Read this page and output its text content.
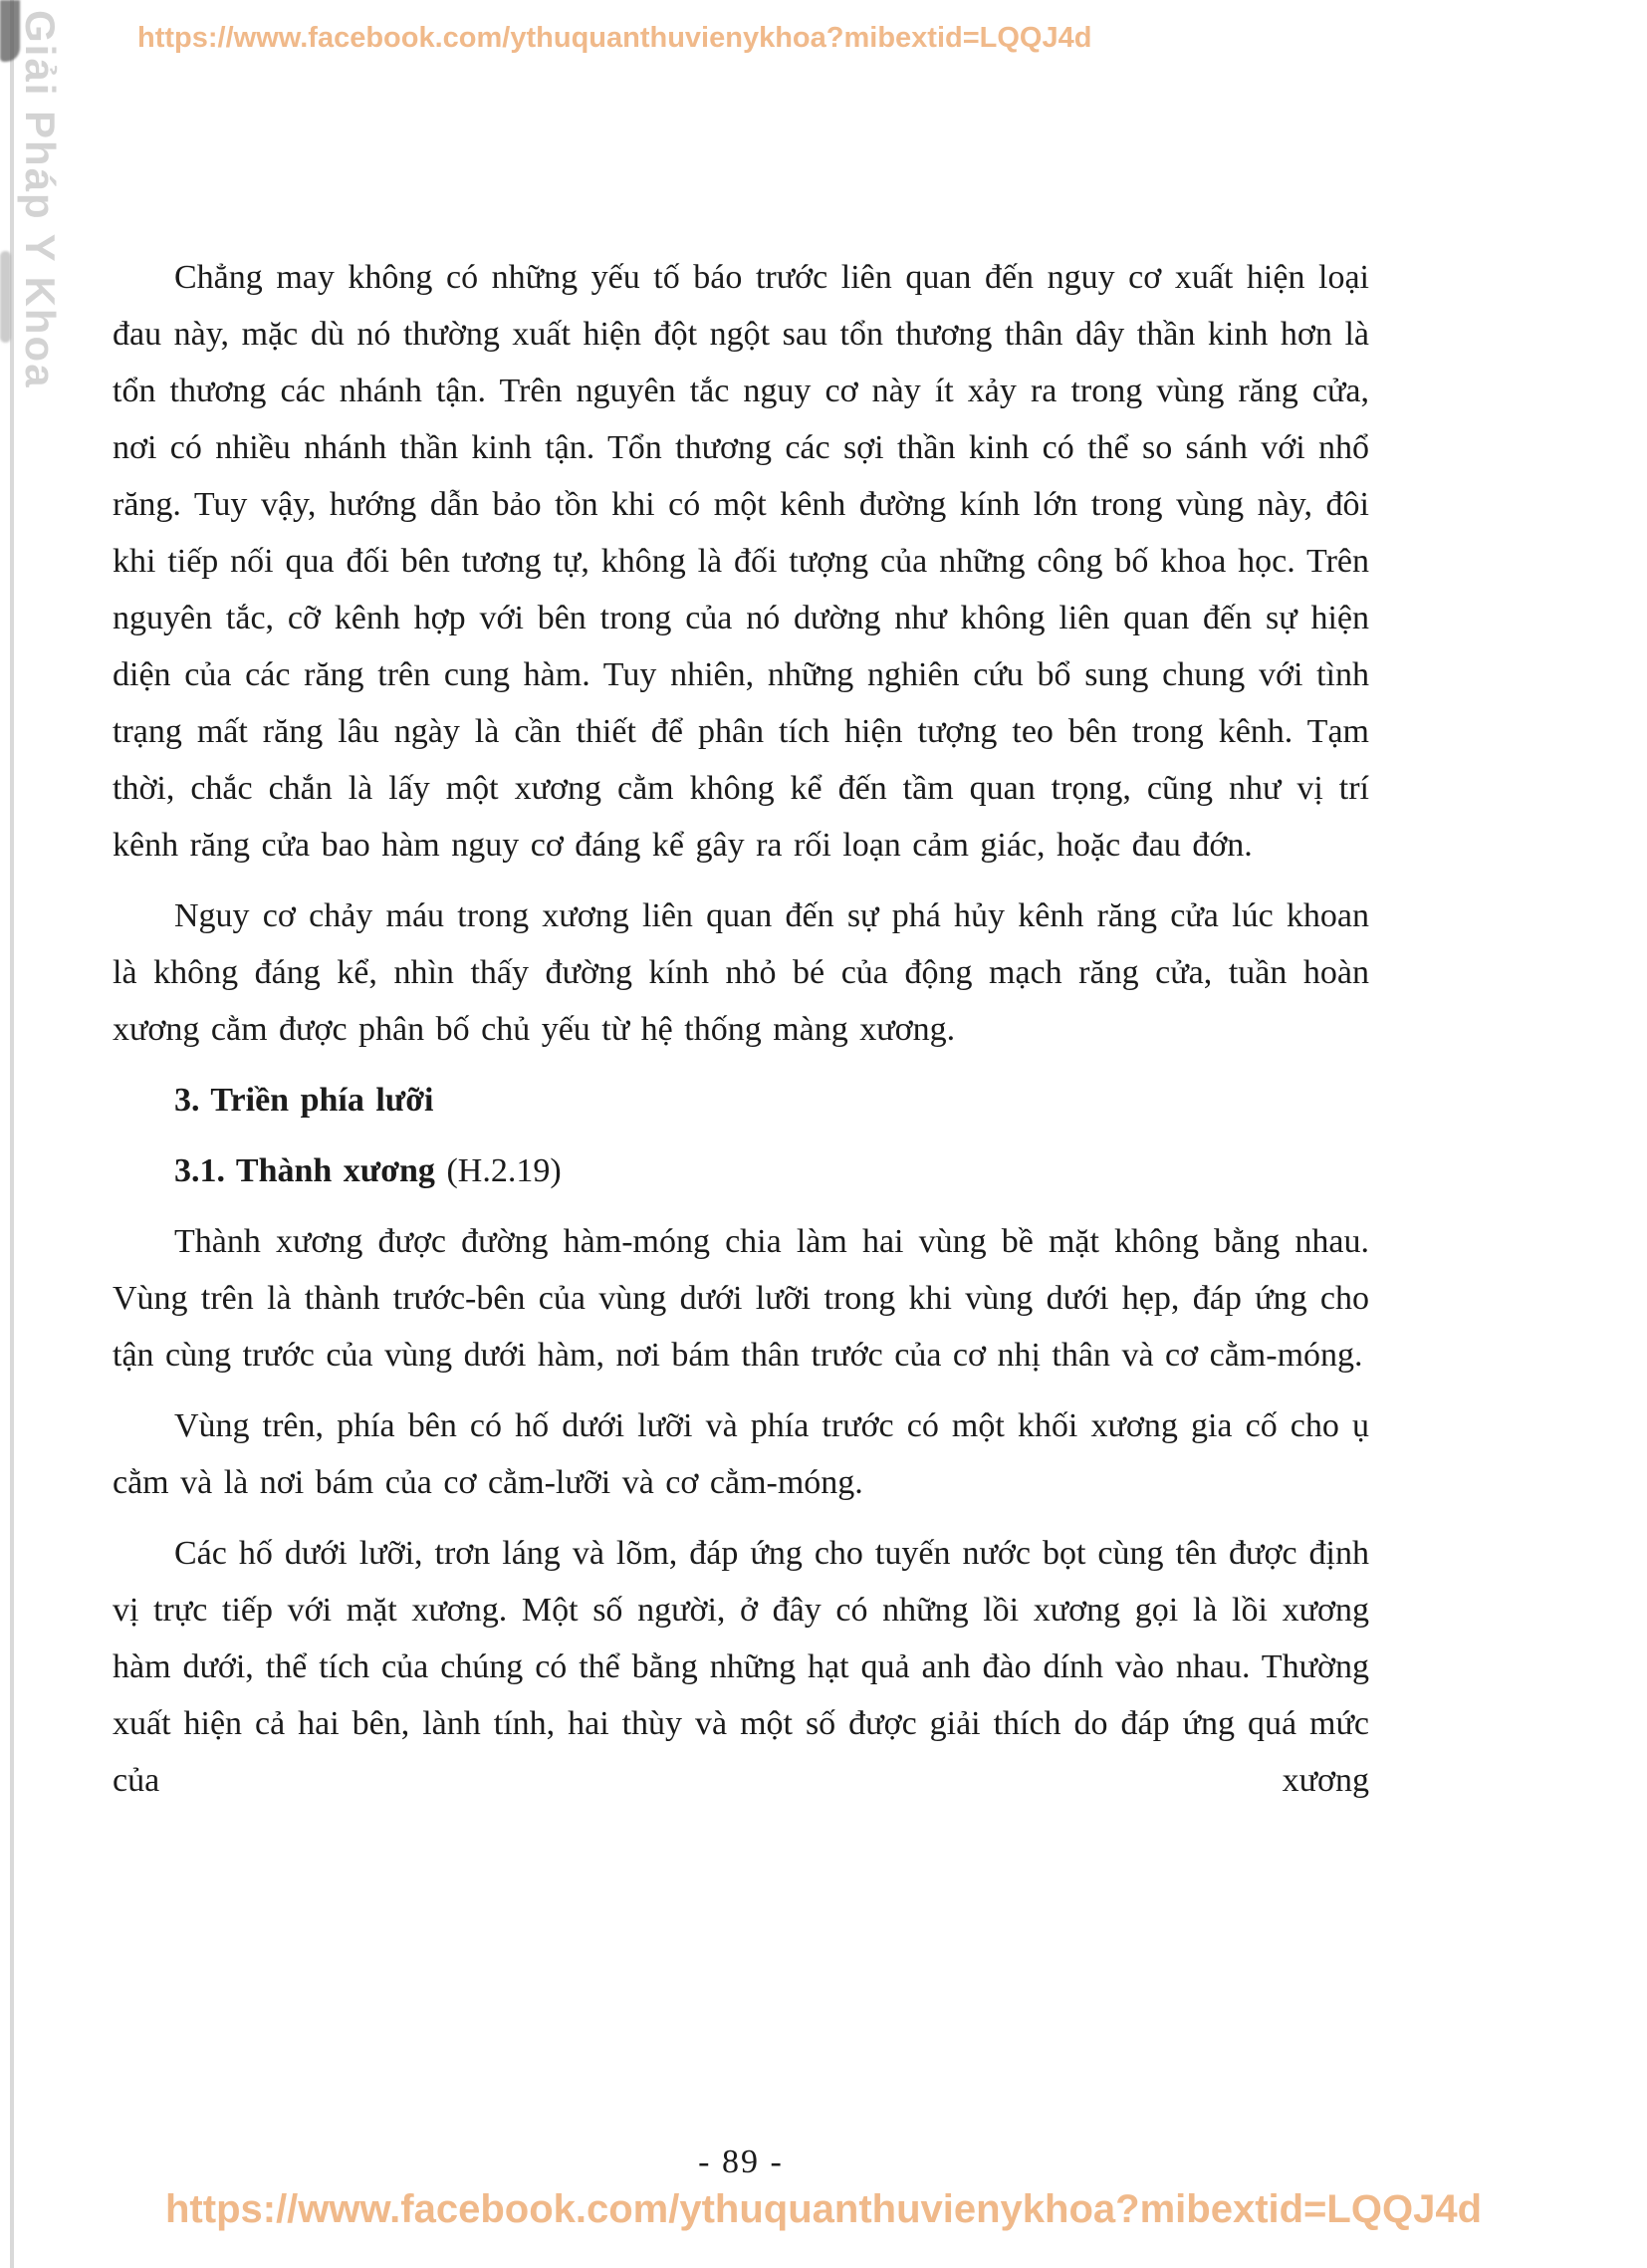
https://www.facebook.com/ythuquanthuvienykhoa?mibextid=LQQJ4d
Giải Pháp Y Khoa	Chẳng may không có những yếu tố báo trước liên quan đến nguy cơ xuất hiện loại đau này, mặc dù nó thường xuất hiện đột ngột sau tổn thương thân dây thần kinh hơn là tổn thương các nhánh tận. Trên nguyên tắc nguy cơ này ít xảy ra trong vùng răng cửa, nơi có nhiều nhánh thần kinh tận. Tổn thương các sợi thần kinh có thể so sánh với nhổ răng. Tuy vậy, hướng dẫn bảo tồn khi có một kênh đường kính lớn trong vùng này, đôi khi tiếp nối qua đối bên tương tự, không là đối tượng của những công bố khoa học. Trên nguyên tắc, cỡ kênh hợp với bên trong của nó dường như không liên quan đến sự hiện diện của các răng trên cung hàm. Tuy nhiên, những nghiên cứu bổ sung chung với tình trạng mất răng lâu ngày là cần thiết để phân tích hiện tượng teo bên trong kênh. Tạm thời, chắc chắn là lấy một xương cằm không kể đến tầm quan trọng, cũng như vị trí kênh răng cửa bao hàm nguy cơ đáng kể gây ra rối loạn cảm giác, hoặc đau đớn.

Nguy cơ chảy máu trong xương liên quan đến sự phá hủy kênh răng cửa lúc khoan là không đáng kể, nhìn thấy đường kính nhỏ bé của động mạch răng cửa, tuần hoàn xương cằm được phân bố chủ yếu từ hệ thống màng xương.

3. Triền phía lưỡi
3.1. Thành xương (H.2.19)

Thành xương được đường hàm-móng chia làm hai vùng bề mặt không bằng nhau. Vùng trên là thành trước-bên của vùng dưới lưỡi trong khi vùng dưới hẹp, đáp ứng cho tận cùng trước của vùng dưới hàm, nơi bám thân trước của cơ nhị thân và cơ cằm-móng.

Vùng trên, phía bên có hố dưới lưỡi và phía trước có một khối xương gia cố cho ụ cằm và là nơi bám của cơ cằm-lưỡi và cơ cằm-móng.

Các hố dưới lưỡi, trơn láng và lõm, đáp ứng cho tuyến nước bọt cùng tên được định vị trực tiếp với mặt xương. Một số người, ở đây có những lồi xương gọi là lồi xương hàm dưới, thể tích của chúng có thể bằng những hạt quả anh đào dính vào nhau. Thường xuất hiện cả hai bên, lành tính, hai thùy và một số được giải thích do đáp ứng quá mức của xương

- 89 -
https://www.facebook.com/ythuquanthuvienykhoa?mibextid=LQQJ4d
